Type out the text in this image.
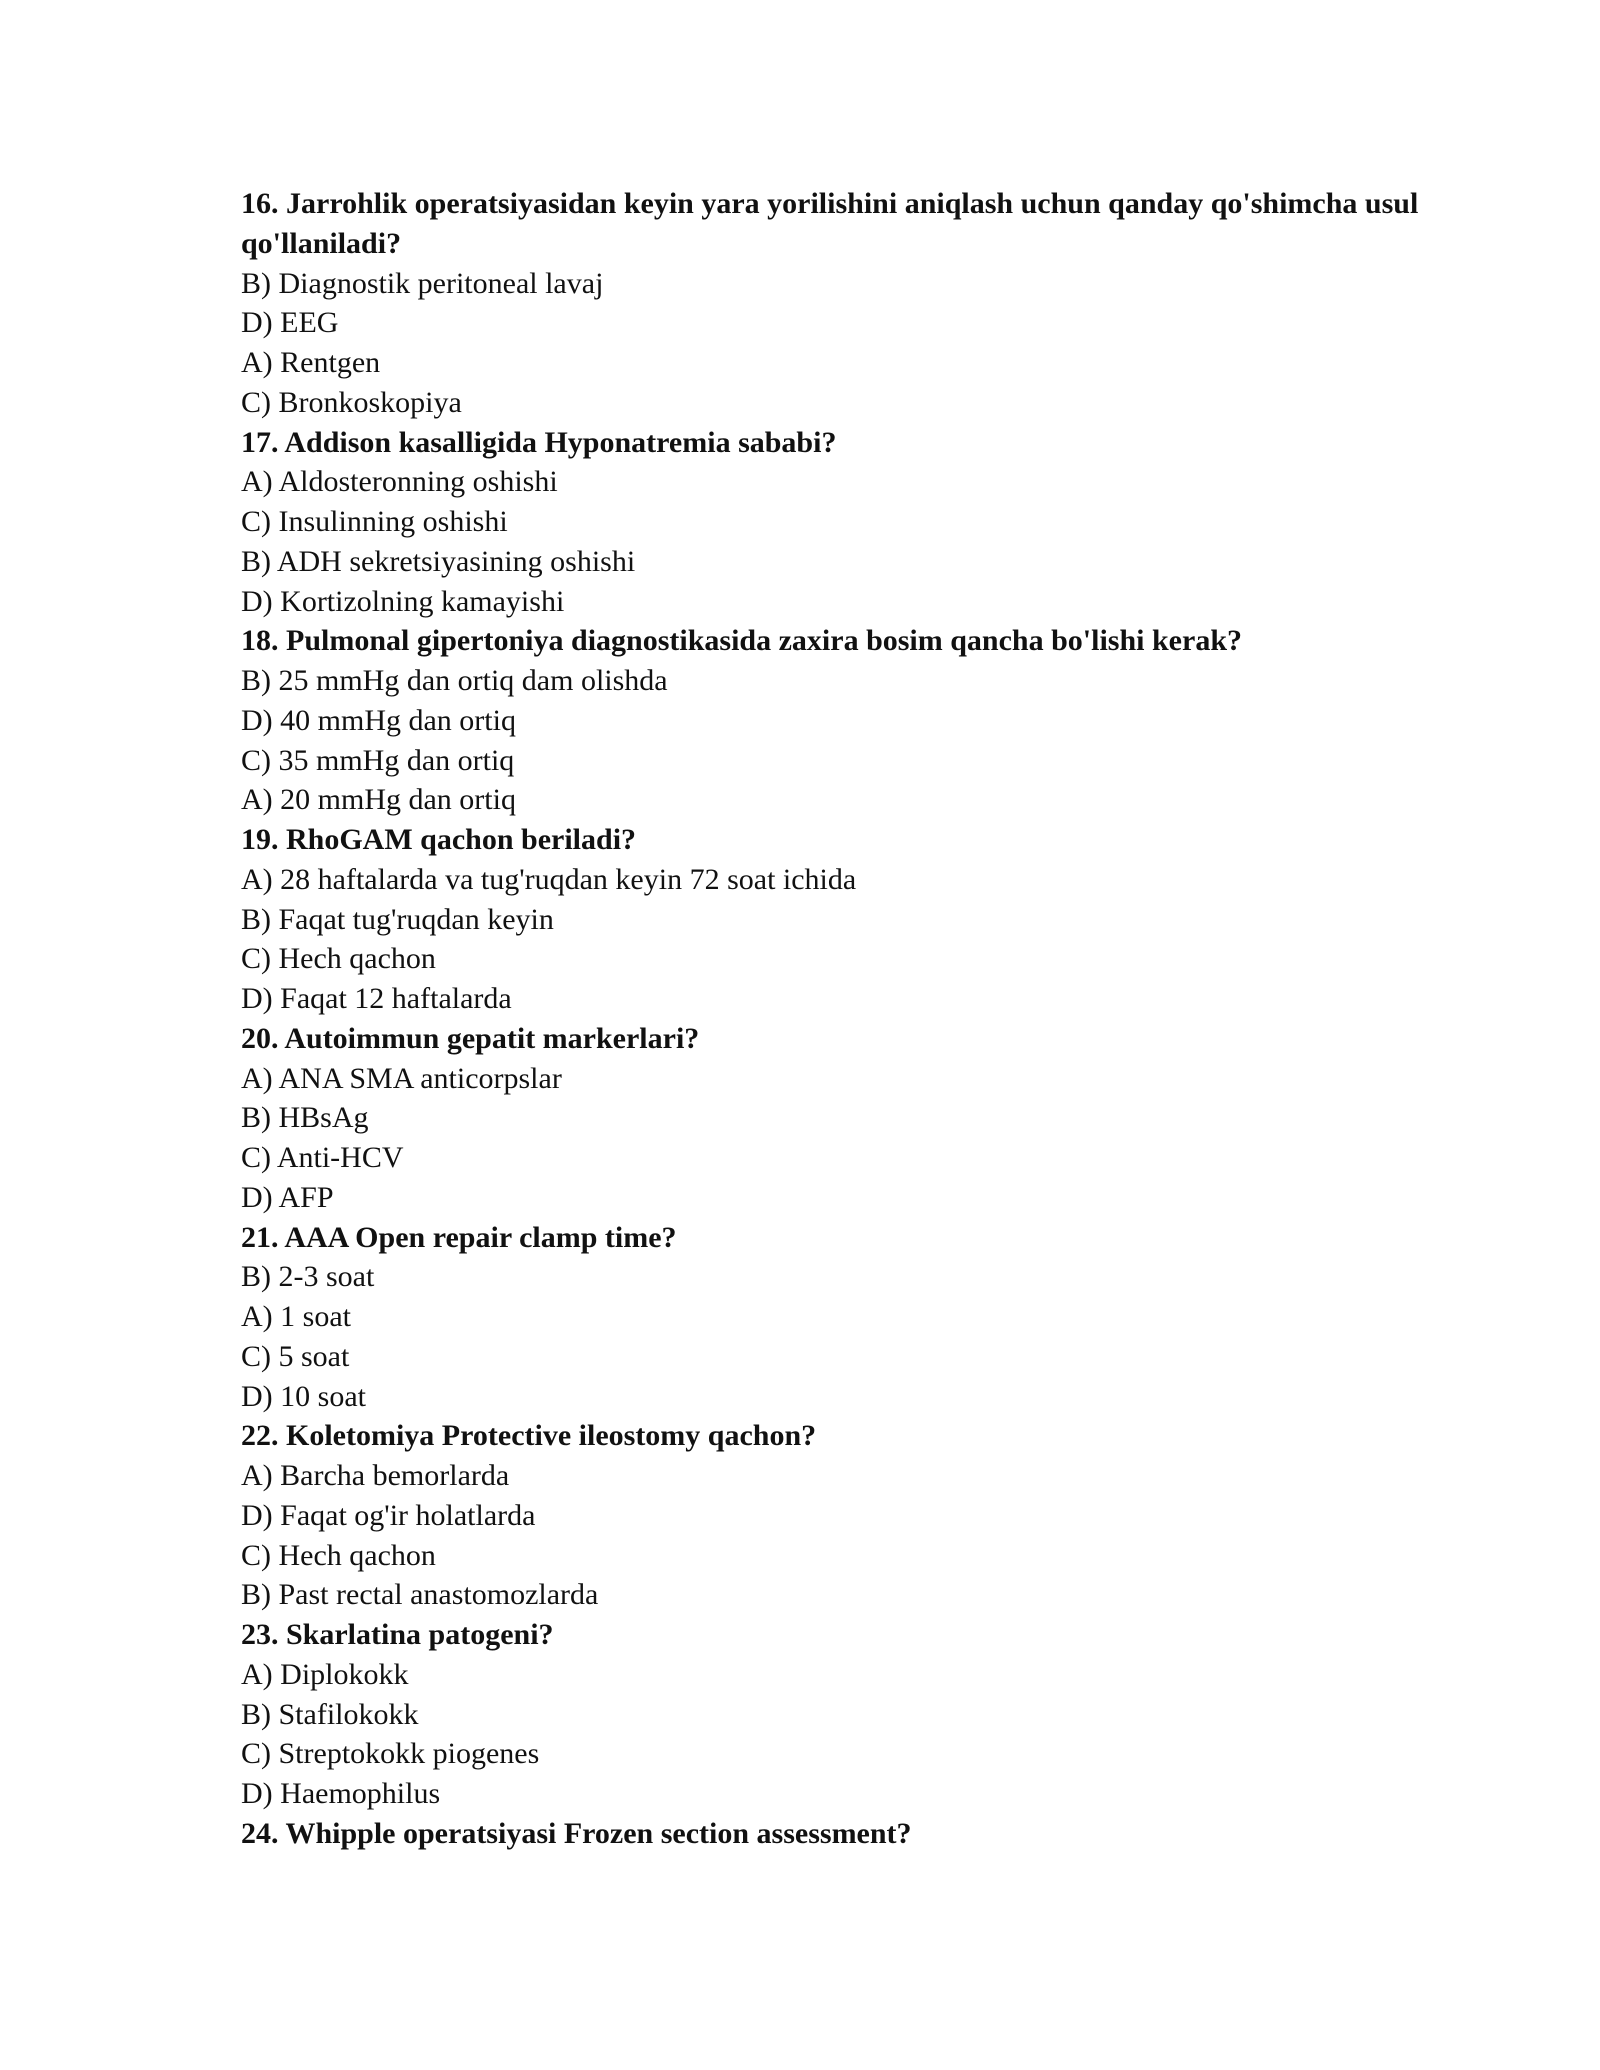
16. Jarrohlik operatsiyasidan keyin yara yorilishini aniqlash uchun qanday qo'shimcha usul qo'llaniladi?

B) Diagnostik peritoneal lavaj

D) EEG

A) Rentgen

C) Bronkoskopiya

17. Addison kasalligida Hyponatremia sababi?

A) Aldosteronning oshishi

C) Insulinning oshishi

B) ADH sekretsiyasining oshishi

D) Kortizolning kamayishi

18. Pulmonal gipertoniya diagnostikasida zaxira bosim qancha bo'lishi kerak?

B) 25 mmHg dan ortiq dam olishda

D) 40 mmHg dan ortiq

C) 35 mmHg dan ortiq

A) 20 mmHg dan ortiq

19. RhoGAM qachon beriladi?

A) 28 haftalarda va tug'ruqdan keyin 72 soat ichida

B) Faqat tug'ruqdan keyin

C) Hech qachon

D) Faqat 12 haftalarda

20. Autoimmun gepatit markerlari?

A) ANA SMA anticorpslar

B) HBsAg

C) Anti-HCV

D) AFP

21. AAA Open repair clamp time?

B) 2-3 soat

A) 1 soat

C) 5 soat

D) 10 soat

22. Koletomiya Protective ileostomy qachon?

A) Barcha bemorlarda

D) Faqat og'ir holatlarda

C) Hech qachon

B) Past rectal anastomozlarda

23. Skarlatina patogeni?

A) Diplokokk

B) Stafilokokk

C) Streptokokk piogenes

D) Haemophilus

24. Whipple operatsiyasi Frozen section assessment?
